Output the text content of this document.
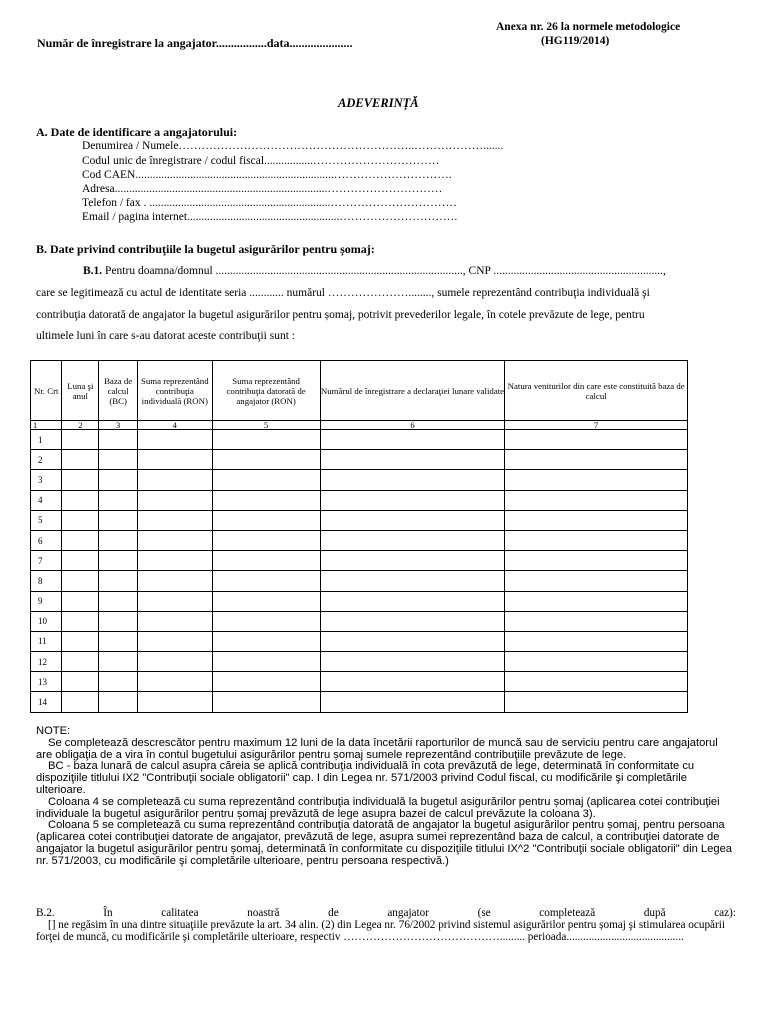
Anexa nr. 26 la normele metodologice
(HG119/2014)
Număr de înregistrare la angajator.................data.....................
ADEVERINȚĂ
A. Date de identificare a angajatorului:
Denumirea / Numele……………………………………………………..……………….......
Codul unic de înregistrare / codul fiscal.................……………………………
Cod CAEN.....................................................................………………………….
Adresa..........................................................................…………………………
Telefon / fax . ...............................................................……………………………
Email / pagina internet.....................................................………………………….
B. Date privind contribuţiile la bugetul asigurărilor pentru șomaj:
B.1. Pentru doamna/domnul ......................................................................................, CNP ...........................................................,
care se legitimează cu actul de identitate seria ............ numărul …………………........, sumele reprezentând contribuţia individuală şi
contribuţia datorată de angajator la bugetul asigurărilor pentru șomaj, potrivit prevederilor legale, în cotele prevăzute de lege, pentru
ultimele luni în care s-au datorat aceste contribuţii sunt :
Nr. Crt	Luna şi anul	Baza de calcul (BC)	Suma reprezentând contribuţia individuală (RON)	Suma reprezentând contribuţia datorată de angajator (RON)	Numărul de înregistrare a declaraţiei lunare validate	Natura veniturilor din care este constituită baza de calcul
1	2	3	4	5	6	7
1						
2						
3						
4						
5						
6						
7						
8						
9						
10						
11						
12						
13						
14						

NOTE:

Se completează descrescător pentru maximum 12 luni de la data încetării raporturilor de muncă sau de serviciu pentru care angajatorul are obligaţia de a vira în contul bugetului asigurărilor pentru șomaj sumele reprezentând contribuţiile prevăzute de lege.

BC - baza lunară de calcul asupra căreia se aplică contribuţia individuală în cota prevăzută de lege, determinată în conformitate cu dispoziţiile titlului IX2 "Contribuţii sociale obligatorii" cap. I din Legea nr. 571/2003 privind Codul fiscal, cu modificările şi completările ulterioare.

Coloana 4 se completează cu suma reprezentând contribuţia individuală la bugetul asigurărilor pentru șomaj (aplicarea cotei contribuţiei individuale la bugetul asigurărilor pentru șomaj prevăzută de lege asupra bazei de calcul prevăzute la coloana 3).

Coloana 5 se completează cu suma reprezentând contribuţia datorată de angajator la bugetul asigurărilor pentru șomaj, pentru persoana (aplicarea cotei contribuţiei datorate de angajator, prevăzută de lege, asupra sumei reprezentând baza de calcul, a contribuţiei datorate de angajator la bugetul asigurărilor pentru șomaj, determinată în conformitate cu dispoziţiile titlului IX^2 "Contribuţii sociale obligatorii" din Legea nr. 571/2003, cu modificările şi completările ulterioare, pentru persoana respectivă.)

B.2.	În	calitatea	noastră	de	angajator	(se	completează	după	caz):

[] ne regăsim în una dintre situaţiile prevăzute la art. 34 alin. (2) din Legea nr. 76/2002 privind sistemul asigurărilor pentru șomaj şi stimularea ocupării forţei de muncă, cu modificările şi completările ulterioare, respectiv ……………………………………......... perioada..........................................
